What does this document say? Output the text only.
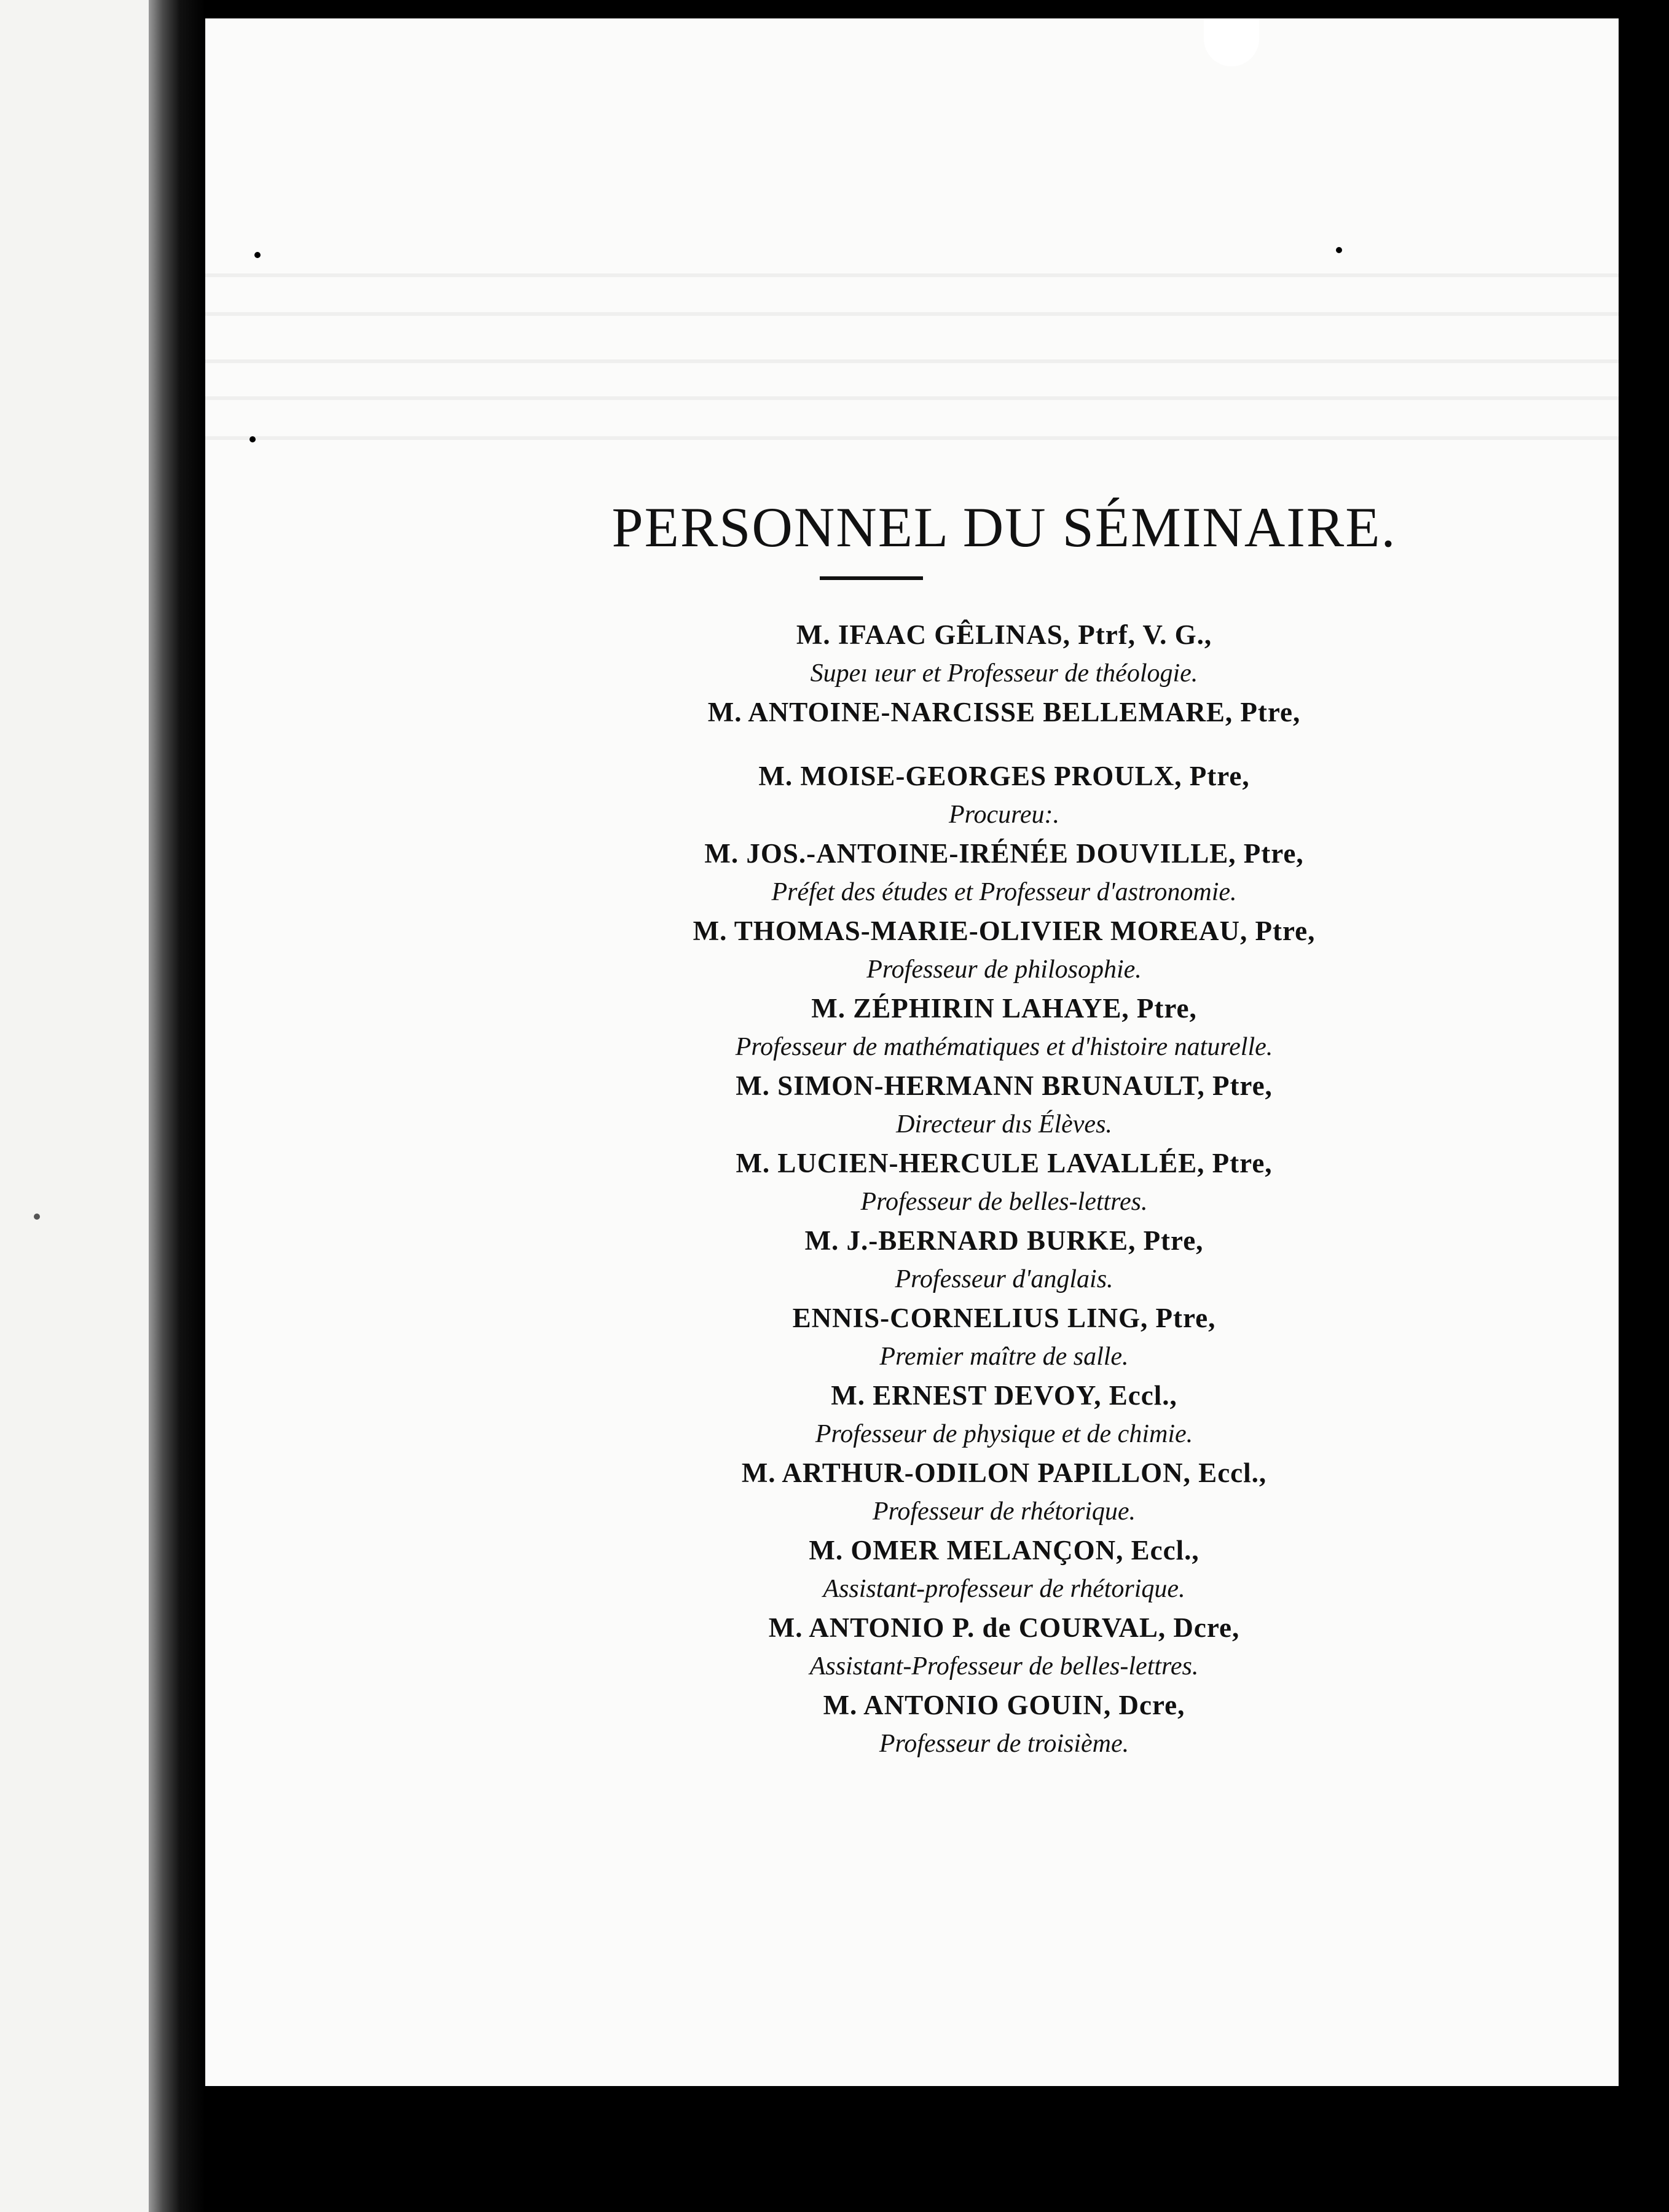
PERSONNEL DU SÉMINAIRE.
M. IFAAC GÊLINAS, Ptrf, V. G.,
Supeı ıeur et Professeur de théologie.
M. ANTOINE-NARCISSE BELLEMARE, Ptre,
M. MOISE-GEORGES PROULX, Ptre,
Procureu:.
M. JOS.-ANTOINE-IRÉNÉE DOUVILLE, Ptre,
Préfet des études et Professeur d'astronomie.
M. THOMAS-MARIE-OLIVIER MOREAU, Ptre,
Professeur de philosophie.
M. ZÉPHIRIN LAHAYE, Ptre,
Professeur de mathématiques et d'histoire naturelle.
M. SIMON-HERMANN BRUNAULT, Ptre,
Directeur dıs Élèves.
M. LUCIEN-HERCULE LAVALLÉE, Ptre,
Professeur de belles-lettres.
M. J.-BERNARD BURKE, Ptre,
Professeur d'anglais.
ENNIS-CORNELIUS LING, Ptre,
Premier maître de salle.
M. ERNEST DEVOY, Eccl.,
Professeur de physique et de chimie.
M. ARTHUR-ODILON PAPILLON, Eccl.,
Professeur de rhétorique.
M. OMER MELANÇON, Eccl.,
Assistant-professeur de rhétorique.
M. ANTONIO P. de COURVAL, Dcre,
Assistant-Professeur de belles-lettres.
M. ANTONIO GOUIN, Dcre,
Professeur de troisième.
